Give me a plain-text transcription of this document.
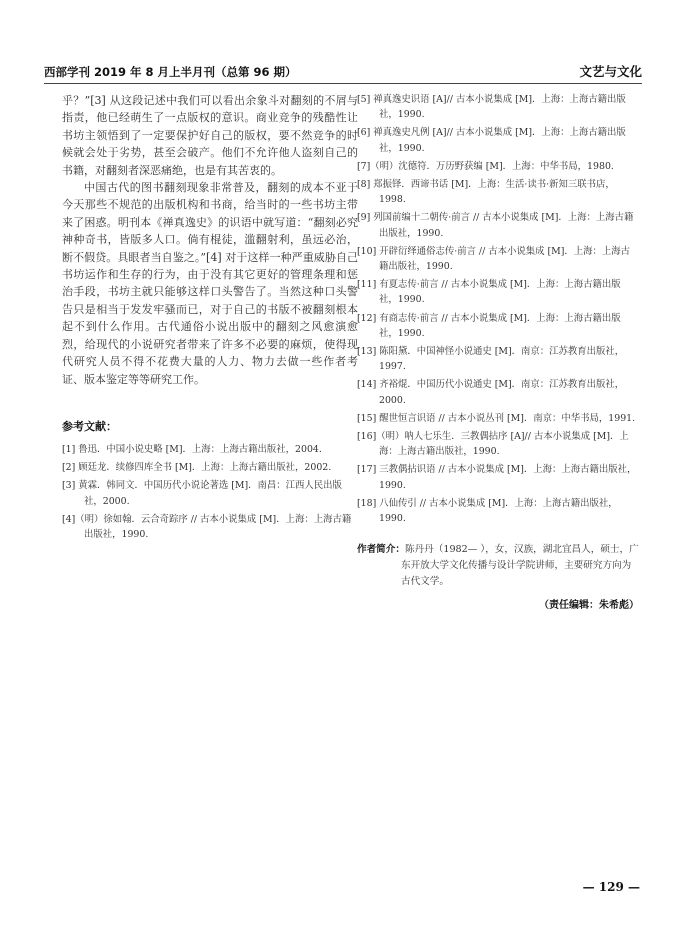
西部学刊 2019 年 8 月上半月刊（总第 96 期）	文艺与文化

乎？”[3] 从这段记述中我们可以看出余象斗对翻刻的不屑与指责，他已经萌生了一点版权的意识。商业竞争的残酷性让书坊主领悟到了一定要保护好自己的版权，要不然竞争的时候就会处于劣势，甚至会破产。他们不允许他人盗刻自己的书籍，对翻刻者深恶痛绝，也是有其苦衷的。

中国古代的图书翻刻现象非常普及，翻刻的成本不亚于今天那些不规范的出版机构和书商，给当时的一些书坊主带来了困惑。明刊本《禅真逸史》的识语中就写道：“翻刻必究神种奇书，皆版多人口。倘有棍徒，滥翻射利，虽远必治，断不假贷。具眼者当自鉴之。”[4] 对于这样一种严重威胁自己书坊运作和生存的行为，由于没有其它更好的管理条理和惩治手段，书坊主就只能够这样口头警告了。当然这种口头警告只是相当于发发牢骚而已，对于自己的书版不被翻刻根本起不到什么作用。古代通俗小说出版中的翻刻之风愈演愈烈，给现代的小说研究者带来了许多不必要的麻烦，使得现代研究人员不得不花费大量的人力、物力去做一些作者考证、版本鉴定等等研究工作。

参考文献：
[1] 鲁迅．中国小说史略 [M]．上海：上海古籍出版社，2004.
[2] 顾廷龙．续修四库全书 [M]．上海：上海古籍出版社，2002.
[3] 黄霖．韩同文．中国历代小说论著选 [M]．南昌：江西人民出版社，2000.
[4]（明）徐如翰．云合奇踪序 // 古本小说集成 [M]．上海：上海古籍出版社，1990.
[5] 禅真逸史识语 [A]// 古本小说集成 [M]．上海：上海古籍出版社，1990.
[6] 禅真逸史凡例 [A]// 古本小说集成 [M]．上海：上海古籍出版社，1990.
[7]（明）沈德符．万历野获编 [M]．上海：中华书局，1980.
[8] 郑振铎．西谛书话 [M]．上海：生活·读书·新知三联书店，1998.
[9] 列国前编十二朝传·前言 // 古本小说集成 [M]．上海：上海古籍出版社，1990.
[10] 开辟衍绎通俗志传·前言 // 古本小说集成 [M]．上海：上海古籍出版社，1990.
[11] 有夏志传·前言 // 古本小说集成 [M]．上海：上海古籍出版社，1990.
[12] 有商志传·前言 // 古本小说集成 [M]．上海：上海古籍出版社，1990.
[13] 陈阳黛．中国神怪小说通史 [M]．南京：江苏教育出版社，1997.
[14] 齐裕焜．中国历代小说通史 [M]．南京：江苏教育出版社，2000.
[15] 醒世恒言识语 // 古本小说丛刊 [M]．南京：中华书局，1991.
[16]（明）呐人七乐生．三教偶拈序 [A]// 古本小说集成 [M]．上海：上海古籍出版社，1990.
[17] 三教偶拈识语 // 古本小说集成 [M]．上海：上海古籍出版社，1990.
[18] 八仙传引 // 古本小说集成 [M]．上海：上海古籍出版社，1990.
作者简介：陈丹丹（1982— ），女，汉族，湖北宜昌人，硕士，广东开放大学文化传播与设计学院讲师，主要研究方向为古代文学。
（责任编辑：朱希彪）
— 129 —
